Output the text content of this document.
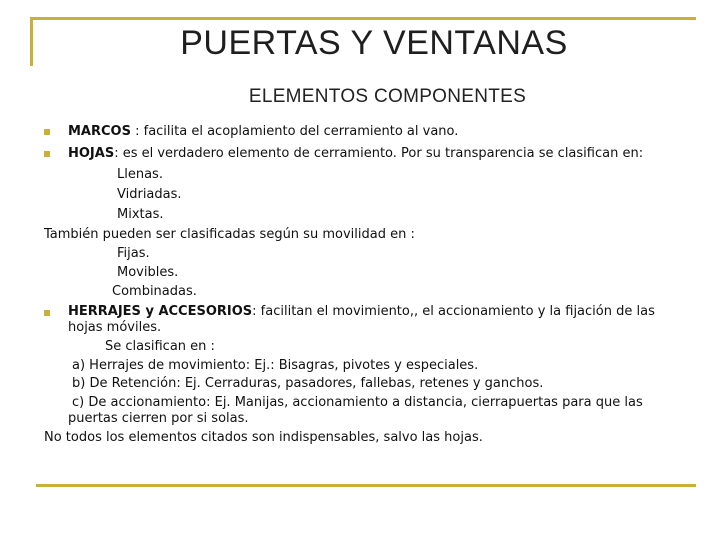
PUERTAS Y VENTANAS
ELEMENTOS COMPONENTES
MARCOS : facilita el acoplamiento del cerramiento al vano.
HOJAS: es el verdadero elemento de cerramiento. Por su transparencia se clasifican en:
Llenas.
Vidriadas.
Mixtas.
También pueden ser clasificadas según su movilidad en :
Fijas.
Movibles.
Combinadas.
HERRAJES y ACCESORIOS: facilitan el movimiento,, el accionamiento y la fijación de las
hojas móviles.
Se clasifican en :
a) Herrajes de movimiento: Ej.: Bisagras, pivotes y especiales.
b) De Retención: Ej. Cerraduras, pasadores, fallebas, retenes y ganchos.
c) De accionamiento: Ej. Manijas, accionamiento a distancia, cierrapuertas para que las
puertas cierren por si solas.
No todos los elementos citados son indispensables, salvo las hojas.
